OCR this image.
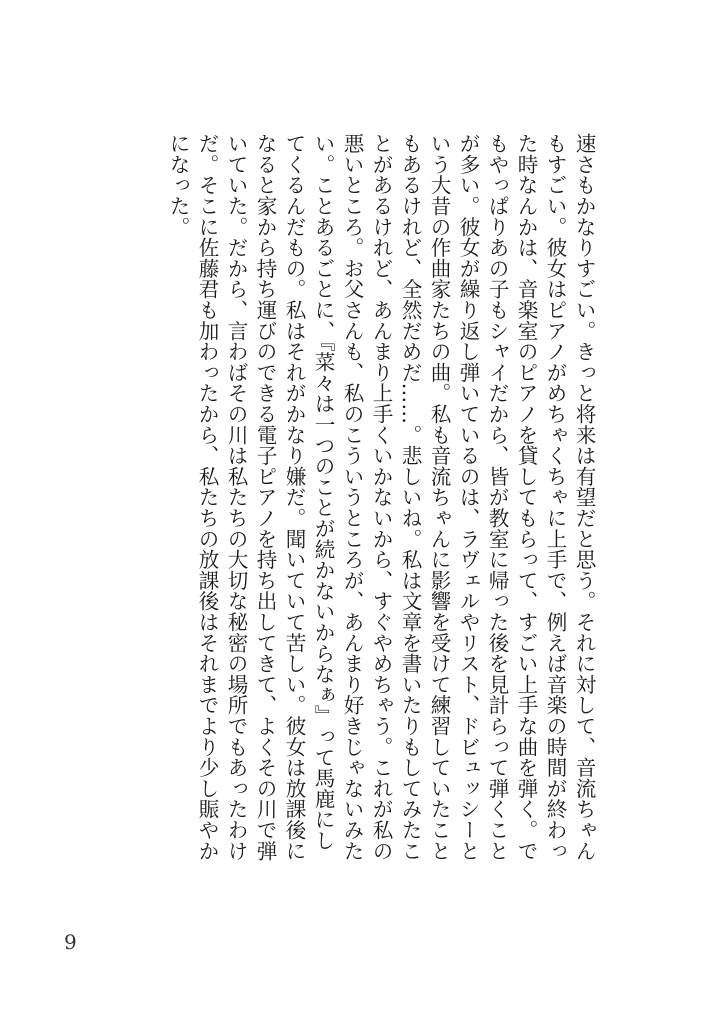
速さもかなりすごい。きっと将来は有望だと思う。それに対して、音流ちゃん
もすごい。彼女はピアノがめちゃくちゃに上手で、例えば音楽の時間が終わっ
た時なんかは、音楽室のピアノを貸してもらって、すごい上手な曲を弾く。で
もやっぱりあの子もシャイだから、皆が教室に帰った後を見計らって弾くこと
が多い。彼女が繰り返し弾いているのは、ラヴェルやリスト、ドビュッシーと
いう大昔の作曲家たちの曲。私も音流ちゃんに影響を受けて練習していたこと
もあるけれど、全然だめだ……。悲しいね。私は文章を書いたりもしてみたこ
とがあるけれど、あんまり上手くいかないから、すぐやめちゃう。これが私の
悪いところ。お父さんも、私のこういうところが、あんまり好きじゃないみた
い。ことあるごとに、『菜々は一つのことが続かないからなぁ』って馬鹿にし
てくるんだもの。私はそれがかなり嫌だ。聞いていて苦しい。彼女は放課後に
なると家から持ち運びのできる電子ピアノを持ち出してきて、よくその川で弾
いていた。だから、言わばその川は私たちの大切な秘密の場所でもあったわけ
だ。そこに佐藤君も加わったから、私たちの放課後はそれまでより少し賑やか
になった。
9
